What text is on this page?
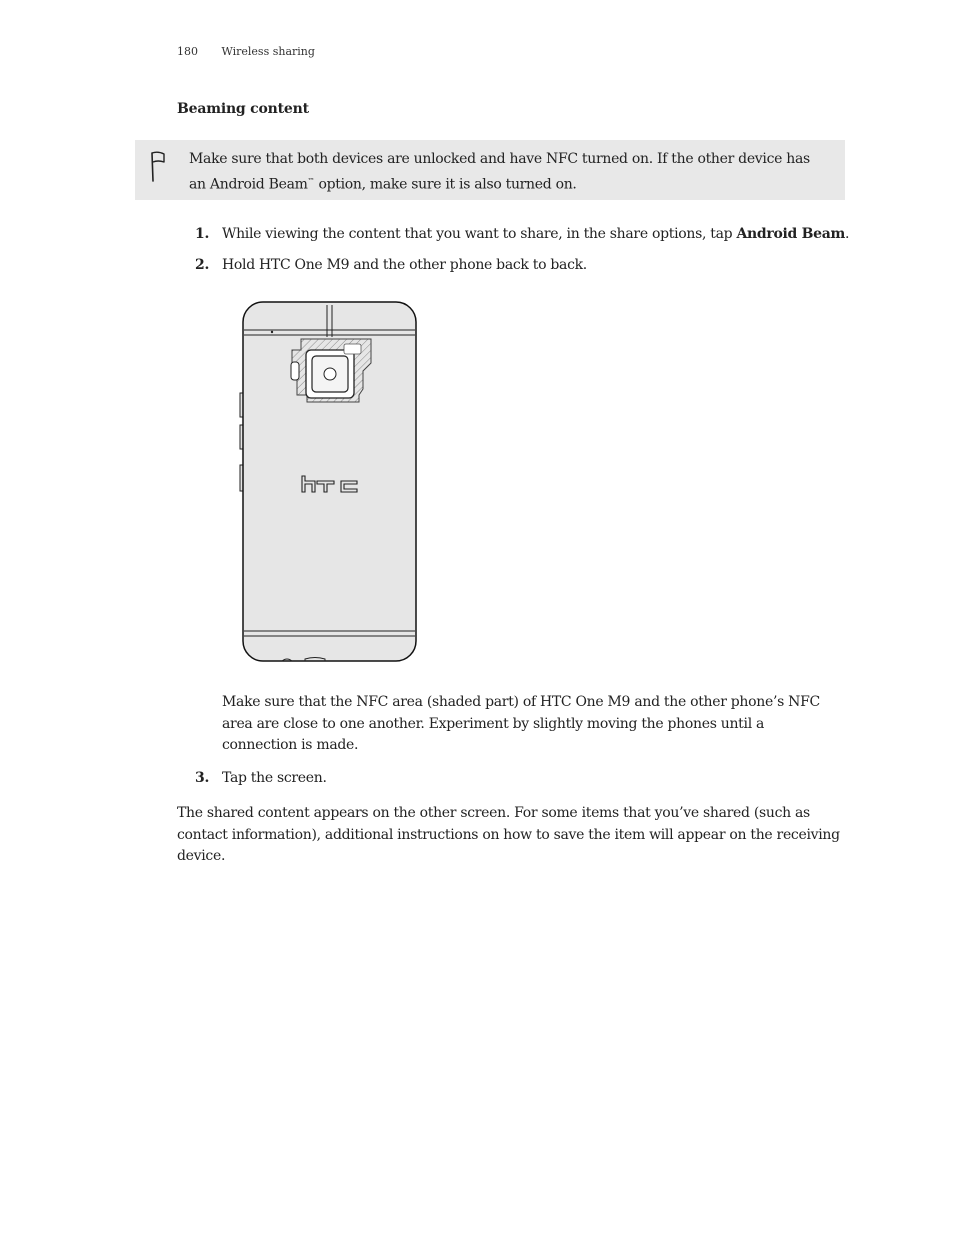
180 Wireless sharing
Beaming content
Make sure that both devices are unlocked and have NFC turned on. If the other device has an Android Beam™ option, make sure it is also turned on.
1. While viewing the content that you want to share, in the share options, tap Android Beam.
2. Hold HTC One M9 and the other phone back to back.
Make sure that the NFC area (shaded part) of HTC One M9 and the other phone’s NFC area are close to one another. Experiment by slightly moving the phones until a connection is made.
3. Tap the screen.
The shared content appears on the other screen. For some items that you’ve shared (such as contact information), additional instructions on how to save the item will appear on the receiving device.
